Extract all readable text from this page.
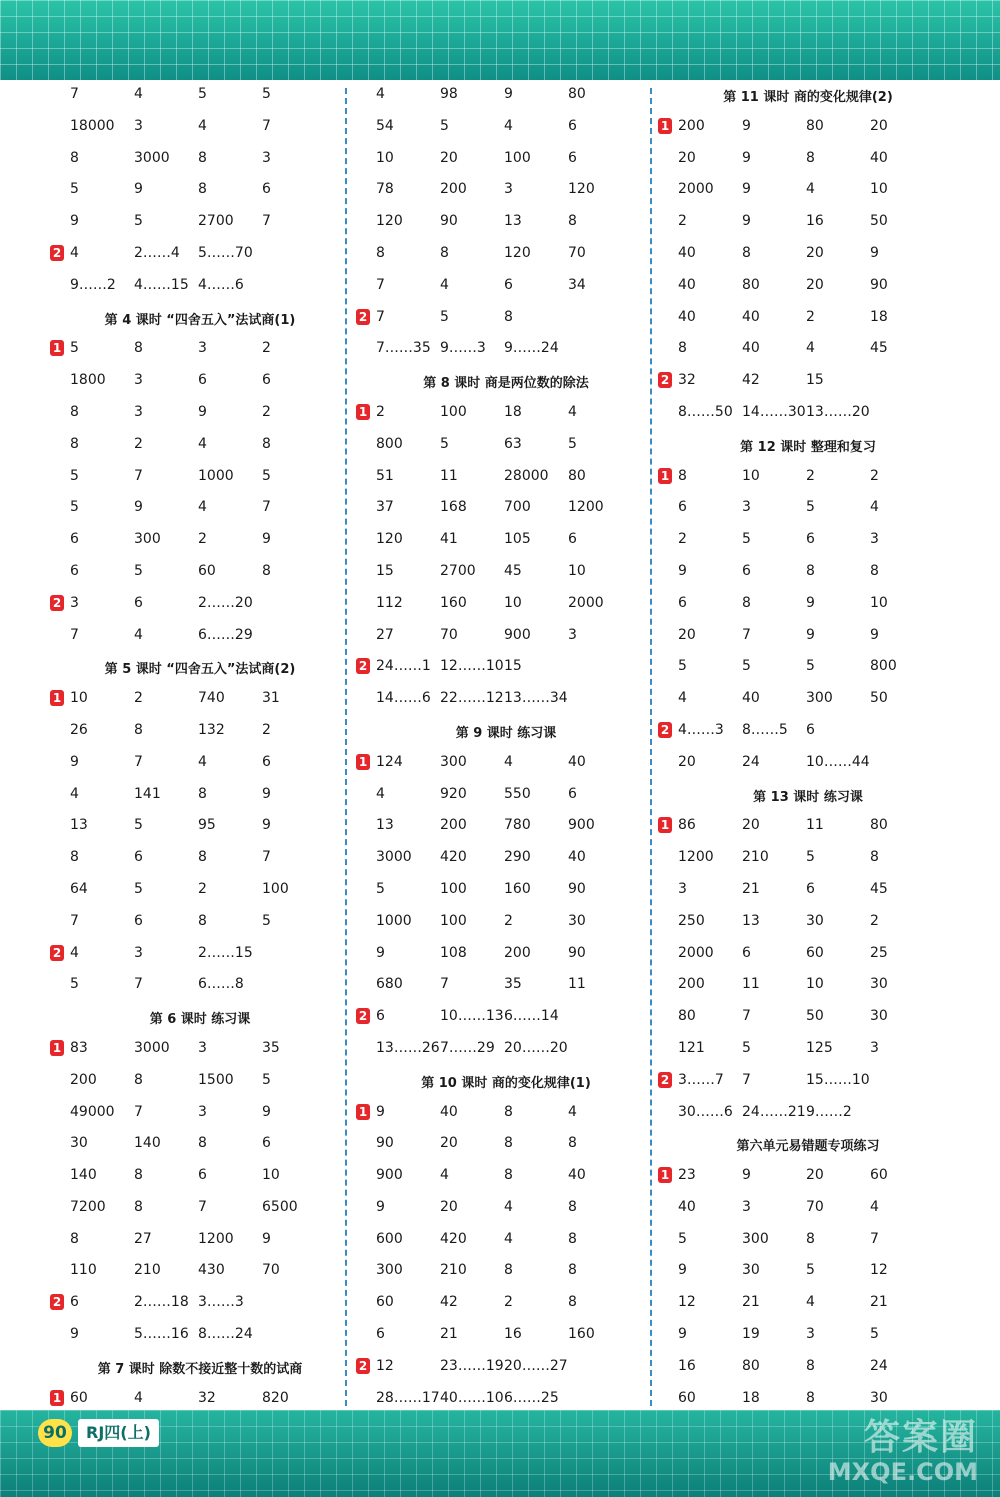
7	4	5	5
18000 3	4	7
8	3000 8	3
5	9	8	6
9	5	2700 7
2 4	2……4 5……70
9……2 4……15 4……6
第 4 课时 “四舍五入”法试商(1)
1 5	8	3	2
1800 3	6	6
8	3	9	2
8	2	4	8
5	7	1000 5
5	9	4	7
6	300	2	9
6	5	60	8
2 3	6	2……20
7	4	6……29
第 5 课时 “四舍五入”法试商(2)
1 10	2	740	31
26	8	132	2
9	7	4	6
4	141	8	9
13	5	95	9
8	6	8	7
64	5	2	100
7	6	8	5
2 4	3	2……15
5	7	6……8
第 6 课时 练习课
1 83	3000 3	35
200	8	1500 5
49000 7	3	9
30	140	8	6
140	8	6	10
7200 8	7	6500
8	27	1200 9
110	210	430	70
2 6	2……18 3……3
9	5……16 8……24
第 7 课时 除数不接近整十数的试商
1 60	4	32	820
4	98	9	80
54	5	4	6
10	20	100	6
78	200	3	120
120	90	13	8
8	8	120	70
7	4	6	34
2 7	5	8
7……35 9……3 9……24
第 8 课时 商是两位数的除法
1 2	100	18	4
800	5	63	5
51	11	28000 80
37	168	700	1200
120	41	105	6
15	2700 45	10
112	160	10	2000
27	70	900	3
2 24……1 12……10 15
14……6 22……12 13……34
第 9 课时 练习课
1 124	300	4	40
4	920	550	6
13	200	780	900
3000 420	290	40
5	100	160	90
1000 100	2	30
9	108	200	90
680	7	35	11
2 6	10……13 6……14
13……26 7……29 20……20
第 10 课时 商的变化规律(1)
1 9	40	8	4
90	20	8	8
900	4	8	40
9	20	4	8
600	420	4	8
300	210	8	8
60	42	2	8
6	21	16	160
2 12	23……19 20……27
28……17 40……10 6……25
第 11 课时 商的变化规律(2)
1 200	9	80	20
20	9	8	40
2000 9	4	10
2	9	16	50
40	8	20	9
40	80	20	90
40	40	2	18
8	40	4	45
2 32	42	15
8……50 14……30 13……20
第 12 课时 整理和复习
1 8	10	2	2
6	3	5	4
2	5	6	3
9	6	8	8
6	8	9	10
20	7	9	9
5	5	5	800
4	40	300	50
2 4……3 8……5 6
20	24	10……44
第 13 课时 练习课
1 86	20	11	80
1200 210	5	8
3	21	6	45
250	13	30	2
2000 6	60	25
200	11	10	30
80	7	50	30
121	5	125	3
2 3……7 7	15……10
30……6 24……21 9……2
第六单元易错题专项练习
1 23	9	20	60
40	3	70	4
5	300	8	7
9	30	5	12
12	21	4	21
9	19	3	5
16	80	8	24
60	18	8	30
90	RJ四(上)	答案圈
MXQE.COM
